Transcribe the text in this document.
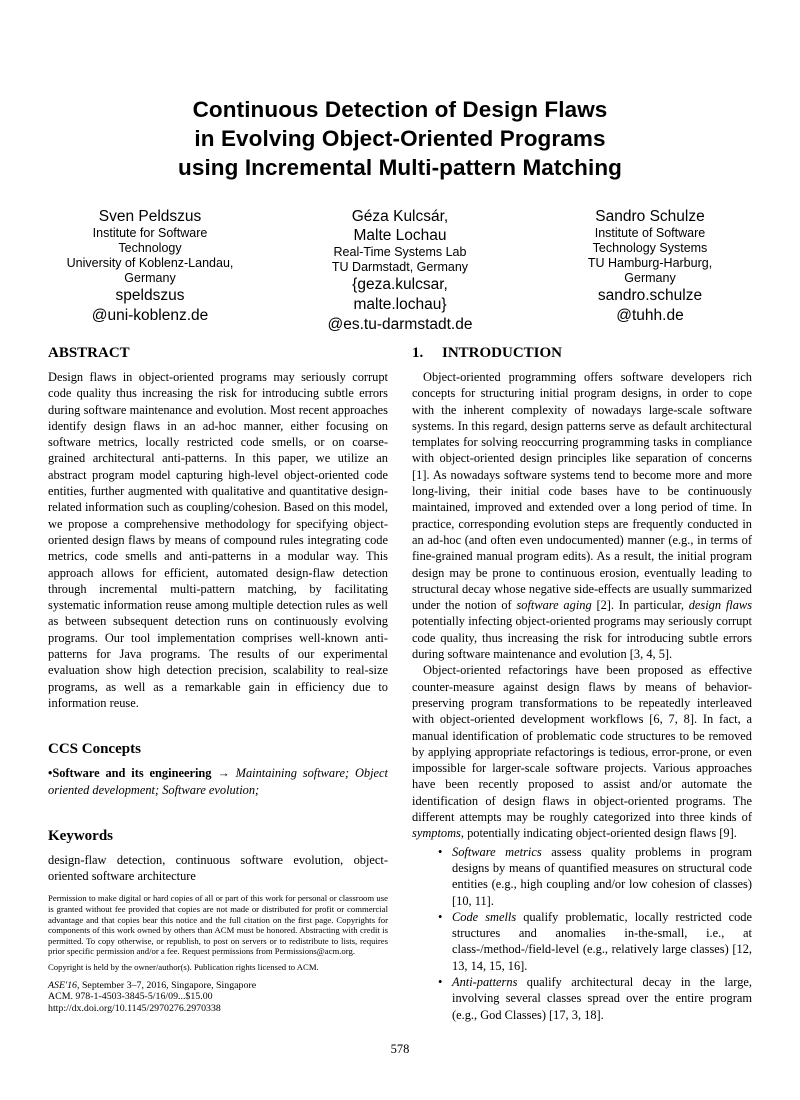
Continuous Detection of Design Flaws
in Evolving Object-Oriented Programs
using Incremental Multi-pattern Matching
Sven Peldszus
Institute for Software
Technology
University of Koblenz-Landau,
Germany
speldszus
@uni-koblenz.de
Géza Kulcsár,
Malte Lochau
Real-Time Systems Lab
TU Darmstadt, Germany
{geza.kulcsar,
malte.lochau}
@es.tu-darmstadt.de
Sandro Schulze
Institute of Software
Technology Systems
TU Hamburg-Harburg,
Germany
sandro.schulze
@tuhh.de
ABSTRACT

Design flaws in object-oriented programs may seriously corrupt code quality thus increasing the risk for introducing subtle errors during software maintenance and evolution. Most recent approaches identify design flaws in an ad-hoc manner, either focusing on software metrics, locally restricted code smells, or on coarse-grained architectural anti-patterns. In this paper, we utilize an abstract program model capturing high-level object-oriented code entities, further augmented with qualitative and quantitative design-related information such as coupling/cohesion. Based on this model, we propose a comprehensive methodology for specifying object-oriented design flaws by means of compound rules integrating code metrics, code smells and anti-patterns in a modular way. This approach allows for efficient, automated design-flaw detection through incremental multi-pattern matching, by facilitating systematic information reuse among multiple detection rules as well as between subsequent detection runs on continuously evolving programs. Our tool implementation comprises well-known anti-patterns for Java programs. The results of our experimental evaluation show high detection precision, scalability to real-size programs, as well as a remarkable gain in efficiency due to information reuse.

CCS Concepts

•Software and its engineering → Maintaining software; Object oriented development; Software evolution;

Keywords

design-flaw detection, continuous software evolution, object-oriented software architecture

Permission to make digital or hard copies of all or part of this work for personal or classroom use is granted without fee provided that copies are not made or distributed for profit or commercial advantage and that copies bear this notice and the full citation on the first page. Copyrights for components of this work owned by others than ACM must be honored. Abstracting with credit is permitted. To copy otherwise, or republish, to post on servers or to redistribute to lists, requires prior specific permission and/or a fee. Request permissions from Permissions@acm.org.

Copyright is held by the owner/author(s). Publication rights licensed to ACM.

ASE'16, September 3–7, 2016, Singapore, Singapore

ACM. 978-1-4503-3845-5/16/09...$15.00

http://dx.doi.org/10.1145/2970276.2970338

1. INTRODUCTION

Object-oriented programming offers software developers rich concepts for structuring initial program designs, in order to cope with the inherent complexity of nowadays large-scale software systems. In this regard, design patterns serve as default architectural templates for solving reoccurring programming tasks in compliance with object-oriented design principles like separation of concerns [1]. As nowadays software systems tend to become more and more long-living, their initial code bases have to be continuously maintained, improved and extended over a long period of time. In practice, corresponding evolution steps are frequently conducted in an ad-hoc (and often even undocumented) manner (e.g., in terms of fine-grained manual program edits). As a result, the initial program design may be prone to continuous erosion, eventually leading to structural decay whose negative side-effects are usually summarized under the notion of software aging [2]. In particular, design flaws potentially infecting object-oriented programs may seriously corrupt code quality, thus increasing the risk for introducing subtle errors during software maintenance and evolution [3, 4, 5].

Object-oriented refactorings have been proposed as effective counter-measure against design flaws by means of behavior-preserving program transformations to be repeatedly interleaved with object-oriented development workflows [6, 7, 8]. In fact, a manual identification of problematic code structures to be removed by applying appropriate refactorings is tedious, error-prone, or even impossible for larger-scale software projects. Various approaches have been recently proposed to assist and/or automate the identification of design flaws in object-oriented programs. The different attempts may be roughly categorized into three kinds of symptoms, potentially indicating object-oriented design flaws [9].

• Software metrics assess quality problems in program designs by means of quantified measures on structural code entities (e.g., high coupling and/or low cohesion of classes) [10, 11].
• Code smells qualify problematic, locally restricted code structures and anomalies in-the-small, i.e., at class-/method-/field-level (e.g., relatively large classes) [12, 13, 14, 15, 16].
• Anti-patterns qualify architectural decay in the large, involving several classes spread over the entire program (e.g., God Classes) [17, 3, 18].
578
